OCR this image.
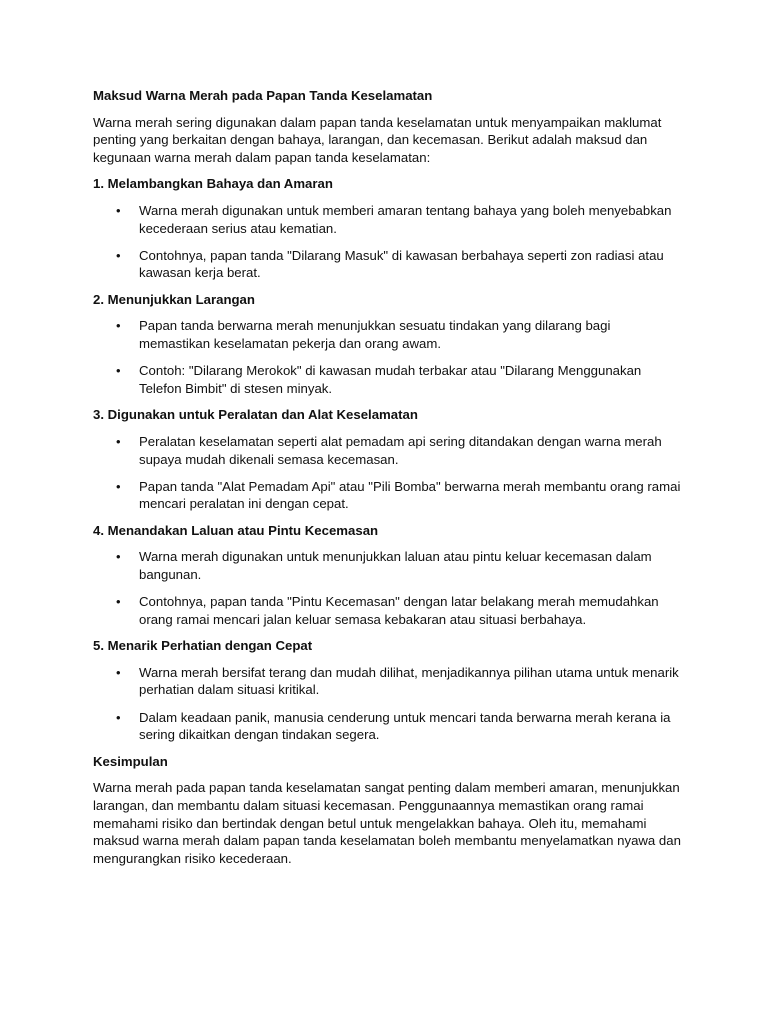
Maksud Warna Merah pada Papan Tanda Keselamatan

Warna merah sering digunakan dalam papan tanda keselamatan untuk menyampaikan maklumat penting yang berkaitan dengan bahaya, larangan, dan kecemasan. Berikut adalah maksud dan kegunaan warna merah dalam papan tanda keselamatan:

1. Melambangkan Bahaya dan Amaran
• Warna merah digunakan untuk memberi amaran tentang bahaya yang boleh menyebabkan kecederaan serius atau kematian.
• Contohnya, papan tanda "Dilarang Masuk" di kawasan berbahaya seperti zon radiasi atau kawasan kerja berat.
2. Menunjukkan Larangan
• Papan tanda berwarna merah menunjukkan sesuatu tindakan yang dilarang bagi memastikan keselamatan pekerja dan orang awam.
• Contoh: "Dilarang Merokok" di kawasan mudah terbakar atau "Dilarang Menggunakan Telefon Bimbit" di stesen minyak.
3. Digunakan untuk Peralatan dan Alat Keselamatan
• Peralatan keselamatan seperti alat pemadam api sering ditandakan dengan warna merah supaya mudah dikenali semasa kecemasan.
• Papan tanda "Alat Pemadam Api" atau "Pili Bomba" berwarna merah membantu orang ramai mencari peralatan ini dengan cepat.
4. Menandakan Laluan atau Pintu Kecemasan
• Warna merah digunakan untuk menunjukkan laluan atau pintu keluar kecemasan dalam bangunan.
• Contohnya, papan tanda "Pintu Kecemasan" dengan latar belakang merah memudahkan orang ramai mencari jalan keluar semasa kebakaran atau situasi berbahaya.
5. Menarik Perhatian dengan Cepat
• Warna merah bersifat terang dan mudah dilihat, menjadikannya pilihan utama untuk menarik perhatian dalam situasi kritikal.
• Dalam keadaan panik, manusia cenderung untuk mencari tanda berwarna merah kerana ia sering dikaitkan dengan tindakan segera.
Kesimpulan

Warna merah pada papan tanda keselamatan sangat penting dalam memberi amaran, menunjukkan larangan, dan membantu dalam situasi kecemasan. Penggunaannya memastikan orang ramai memahami risiko dan bertindak dengan betul untuk mengelakkan bahaya. Oleh itu, memahami maksud warna merah dalam papan tanda keselamatan boleh membantu menyelamatkan nyawa dan mengurangkan risiko kecederaan.
